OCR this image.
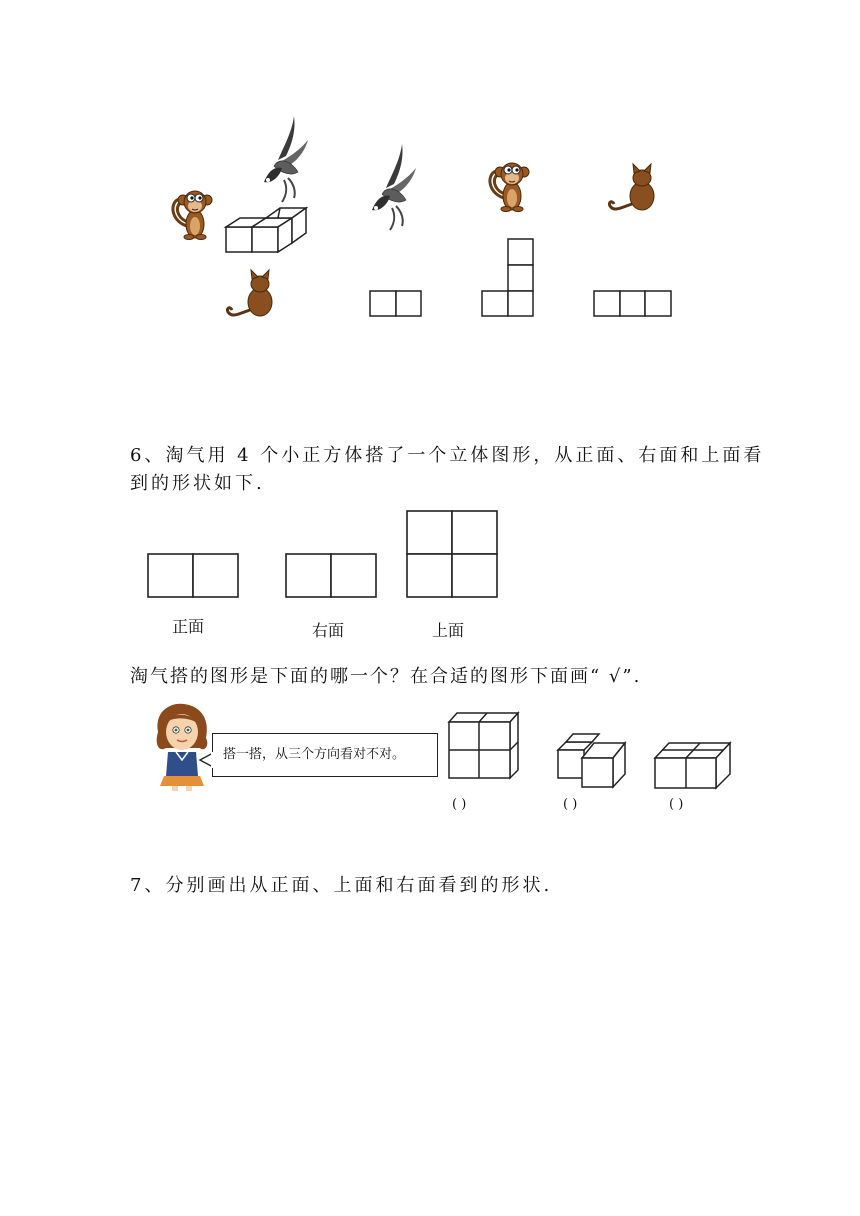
6、淘气用 4 个小正方体搭了一个立体图形，从正面、右面和上面看
到的形状如下.
正面	右面	上面
淘气搭的图形是下面的哪一个？在合适的图形下面画“ √”.
搭一搭，从三个方向看对不对。
( )	( )	( )
7、分别画出从正面、上面和右面看到的形状.
